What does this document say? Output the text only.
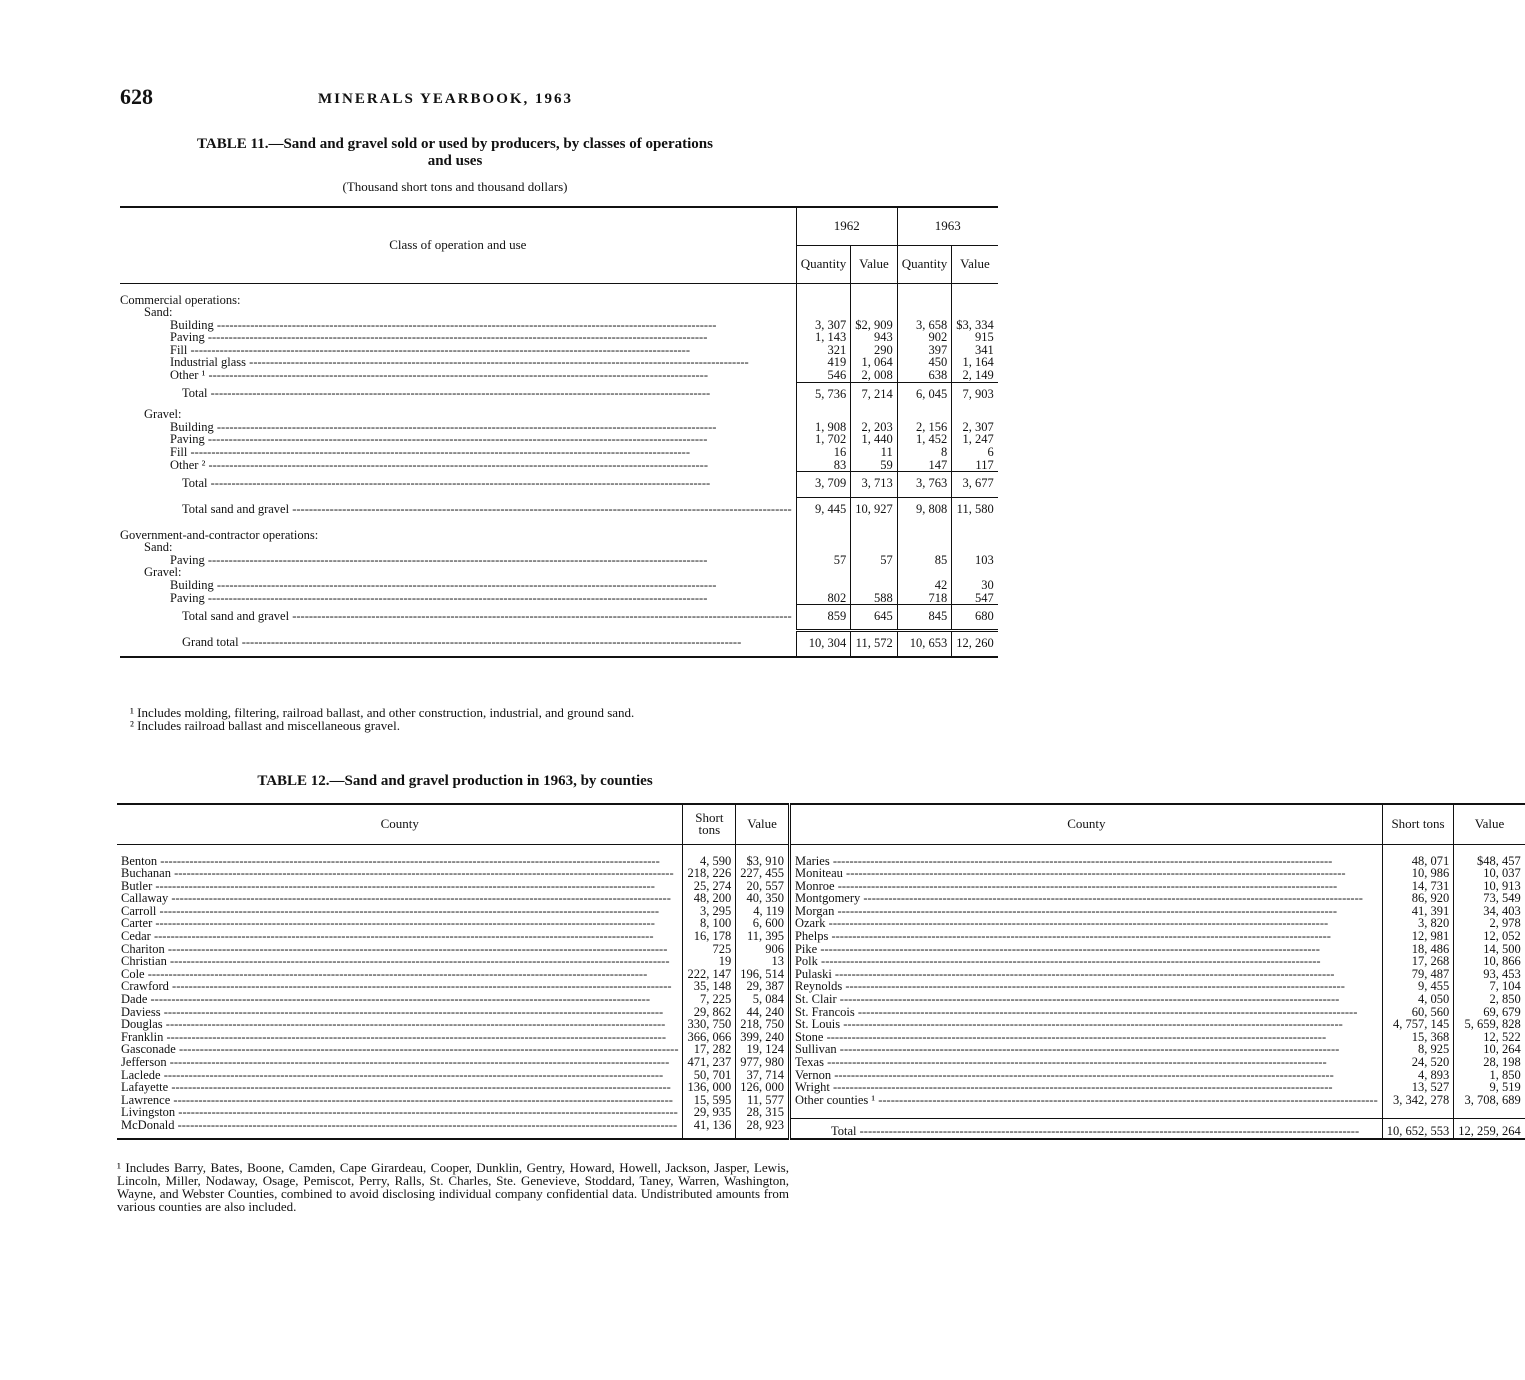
628	MINERALS YEARBOOK, 1963
TABLE 11.—Sand and gravel sold or used by producers, by classes of operations
and uses
(Thousand short tons and thousand dollars)
Class of operation and use	1962		1963	
	Quantity	Value	Quantity	Value
Commercial operations:				
Sand:				
Building -----	3, 307	$2, 909	3, 658	$3, 334
Paving -----	1, 143	943	902	915
Fill -----	321	290	397	341
Industrial glass -----	419	1, 064	450	1, 164
Other ¹ -----	546	2, 008	638	2, 149
Total -----	5, 736	7, 214	6, 045	7, 903
Gravel:				
Building -----	1, 908	2, 203	2, 156	2, 307
Paving -----	1, 702	1, 440	1, 452	1, 247
Fill -----	16	11	8	6
Other ² -----	83	59	147	117
Total -----	3, 709	3, 713	3, 763	3, 677
Total sand and gravel -----	9, 445	10, 927	9, 808	11, 580
Government-and-contractor operations:				
Sand:				
Paving -----	57	57	85	103
Gravel:				
Building -----			42	30
Paving -----	802	588	718	547
Total sand and gravel -----	859	645	845	680
Grand total -----	10, 304	11, 572	10, 653	12, 260
¹ Includes molding, filtering, railroad ballast, and other construction, industrial, and ground sand.
² Includes railroad ballast and miscellaneous gravel.
TABLE 12.—Sand and gravel production in 1963, by counties
County	Short tons	Value	County	Short tons	Value
Benton -----	4, 590	$3, 910	Maries -----	48, 071	$48, 457
Buchanan -----	218, 226	227, 455	Moniteau -----	10, 986	10, 037
Butler -----	25, 274	20, 557	Monroe -----	14, 731	10, 913
Callaway -----	48, 200	40, 350	Montgomery -----	86, 920	73, 549
Carroll -----	3, 295	4, 119	Morgan -----	41, 391	34, 403
Carter -----	8, 100	6, 600	Ozark -----	3, 820	2, 978
Cedar -----	16, 178	11, 395	Phelps -----	12, 981	12, 052
Chariton -----	725	906	Pike -----	18, 486	14, 500
Christian -----	19	13	Polk -----	17, 268	10, 866
Cole -----	222, 147	196, 514	Pulaski -----	79, 487	93, 453
Crawford -----	35, 148	29, 387	Reynolds -----	9, 455	7, 104
Dade -----	7, 225	5, 084	St. Clair -----	4, 050	2, 850
Daviess -----	29, 862	44, 240	St. Francois -----	60, 560	69, 679
Douglas -----	330, 750	218, 750	St. Louis -----	4, 757, 145	5, 659, 828
Franklin -----	366, 066	399, 240	Stone -----	15, 368	12, 522
Gasconade -----	17, 282	19, 124	Sullivan -----	8, 925	10, 264
Jefferson -----	471, 237	977, 980	Texas -----	24, 520	28, 198
Laclede -----	50, 701	37, 714	Vernon -----	4, 893	1, 850
Lafayette -----	136, 000	126, 000	Wright -----	13, 527	9, 519
Lawrence -----	15, 595	11, 577	Other counties ¹ -----	3, 342, 278	3, 708, 689
Livingston -----	29, 935	28, 315			
McDonald -----	41, 136	28, 923	Total -----	10, 652, 553	12, 259, 264
¹ Includes Barry, Bates, Boone, Camden, Cape Girardeau, Cooper, Dunklin, Gentry, Howard, Howell, Jackson, Jasper, Lewis, Lincoln, Miller, Nodaway, Osage, Pemiscot, Perry, Ralls, St. Charles, Ste. Genevieve, Stoddard, Taney, Warren, Washington, Wayne, and Webster Counties, combined to avoid disclosing individual company confidential data. Undistributed amounts from various counties are also included.
